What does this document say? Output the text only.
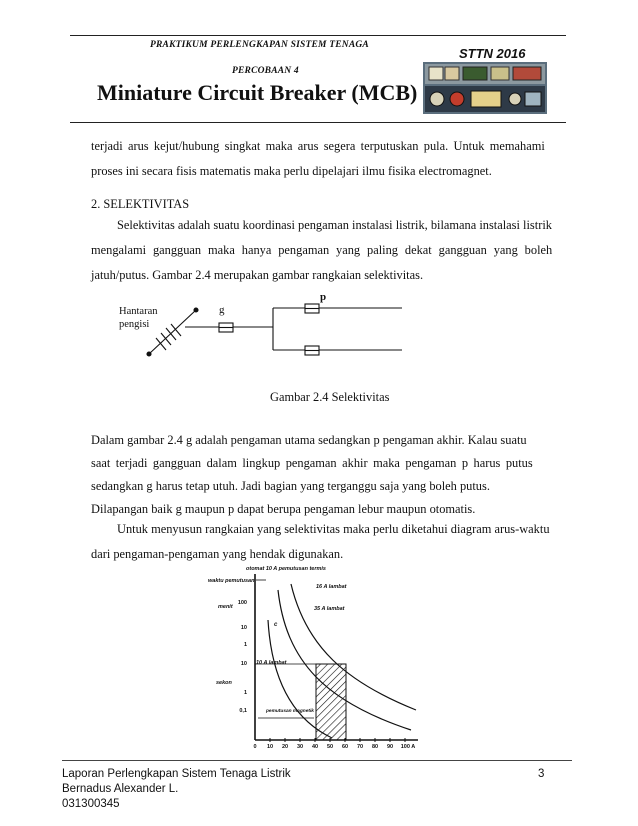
PRAKTIKUM PERLENGKAPAN SISTEM TENAGA
PERCOBAAN 4
Miniature Circuit Breaker (MCB)
STTN 2016
terjadi arus kejut/hubung singkat maka arus segera terputuskan pula. Untuk memahami
proses ini secara fisis matematis maka perlu dipelajari ilmu fisika electromagnet.
2. SELEKTIVITAS
Selektivitas adalah suatu koordinasi pengaman instalasi listrik, bilamana instalasi listrik
mengalami gangguan maka hanya pengaman yang paling dekat gangguan yang boleh
jatuh/putus. Gambar 2.4 merupakan gambar rangkaian selektivitas.
Hantaran pengisi
g
p
Gambar 2.4 Selektivitas
Dalam gambar 2.4 g adalah pengaman utama sedangkan p pengaman akhir. Kalau suatu
saat terjadi gangguan dalam lingkup pengaman akhir maka pengaman p harus putus
sedangkan g harus tetap utuh. Jadi bagian yang terganggu saja yang boleh putus.
Dilapangan baik g maupun p dapat berupa pengaman lebur maupun otomatis.
Untuk menyusun rangkaian yang selektivitas maka perlu diketahui diagram arus-waktu
dari pengaman-pengaman yang hendak digunakan.
otomat 10 A pemutusan termis
waktu pemutusan
16 A lambat
35 A lambat
menit
c
10 A lambat
sekon
pemutusan magnetik
100
10
1
10
1
0,1
0 10 20 30 40 50 60 70 80 90 100 A
Laporan Perlengkapan Sistem Tenaga Listrik
Bernadus Alexander L.
031300345
3
